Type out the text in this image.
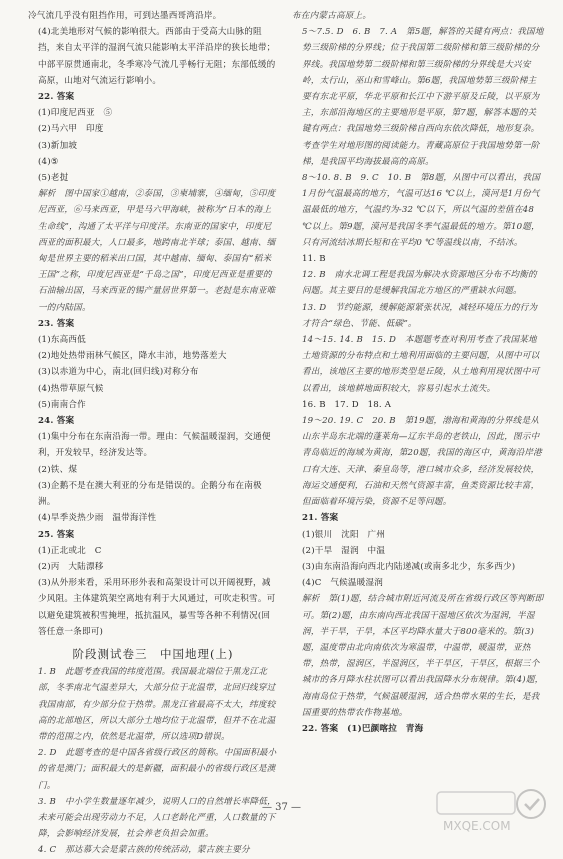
冷气流几乎没有阻挡作用，可到达墨西哥湾沿岸。

(4)北美地形对气候的影响很大。西部由于受高大山脉的阻挡，来自太平洋的湿润气流只能影响太平洋沿岸的狭长地带；中部平原贯通南北，冬季寒冷气流几乎畅行无阻；东部低缓的高原，山地对气流运行影响小。

22. 答案

(1)印度尼西亚　⑤

(2)马六甲　印度

(3)新加坡

(4)⑤

(5)老挝

解析　图中国家①越南，②泰国，③柬埔寨，④缅甸，⑤印度尼西亚，⑥马来西亚，甲是马六甲海峡，被称为“日本的海上生命线”，沟通了太平洋与印度洋。东南亚的国家中，印度尼西亚的面积最大，人口最多，地跨南北半球；泰国、越南、缅甸是世界主要的稻米出口国，其中越南、缅甸、泰国有“稻米王国”之称，印度尼西亚是“千岛之国”，印度尼西亚是重要的石油输出国，马来西亚的锡产量居世界第一。老挝是东南亚唯一的内陆国。

23. 答案

(1)东高西低

(2)地处热带雨林气候区，降水丰沛，地势落差大

(3)以赤道为中心，南北(回归线)对称分布

(4)热带草原气候

(5)南南合作

24. 答案

(1)集中分布在东南沿海一带。理由：气候温暖湿润，交通便利，开发较早，经济发达等。

(2)铁、煤

(3)企鹅不是在澳大利亚的分布是错误的。企鹅分布在南极洲。

(4)旱季炎热少雨　温带海洋性

25. 答案

(1)正北或北　C

(2)丙　大陆漂移

(3)从外形来看，采用环形外表和高架设计可以开阔视野，减少风阻。主体建筑架空离地有利于大风通过，可吹走积雪。可以避免建筑被积雪掩埋，抵抗温风，暴雪等各种不利情况(回答任意一条即可)

阶段测试卷三　中国地理(上)

1. B　此题考查我国的纬度范围。我国最北端位于黑龙江北部，冬季南北气温差异大，大部分位于北温带，北回归线穿过我国南部，有少部分位于热带。黑龙江省最高不太大，纬度较高的北部地区，所以大部分土地均位于北温带，但并不在北温带的范围之内，依然是北温带，所以选项D错误。

2. D　此题考查的是中国各省级行政区的简称。中国面积最小的省是澳门；面积最大的是新疆，面积最小的省级行政区是澳门。

3. B　中小学生数量逐年减少，说明人口的自然增长率降低，未来可能会出现劳动力不足，人口老龄化严重，人口数量的下降，会影响经济发展，社会养老负担会加重。

4. C　那达慕大会是蒙古族的传统活动，蒙古族主要分

布在内蒙古高原上。

5～7.5. D　6. B　7. A　第5题，解答的关键有两点：我国地势三级阶梯的分界线；位于我国第二级阶梯和第三级阶梯的分界线。我国地势第二级阶梯和第三级阶梯的分界线是大兴安岭，太行山，巫山和雪峰山。第6题，我国地势第三级阶梯主要有东北平原，华北平原和长江中下游平原及丘陵，以平原为主，东部沿海地区的主要地形是平原，第7题，解答本题的关键有两点：我国地势三级阶梯自西向东依次降低，地形复杂。考查学生对地形图的阅读能力。青藏高原位于我国地势第一阶梯，是我国平均海拔最高的高原。

8～10. 8. B　9. C　10. B　第8题，从图中可以看出，我国1月份气温最高的地方，气温可达16 ℃以上，漠河是1月份气温最低的地方，气温约为-32 ℃以下，所以气温的差值在48 ℃以上。第9题，漠河是我国冬季气温最低的地方。第10题，只有河流结冰期长短和在平均0 ℃等温线以南，不结冰。

11. B

12. B　南水北调工程是我国为解决水资源地区分布不均衡的问题。其主要目的是缓解我国北方地区的严重缺水问题。

13. D　节约能源，缓解能源紧张状况，减轻环境压力的行为才符合“绿色、节能、低碳”。

14～15. 14. B　15. D　本题题考查对利用考查了我国某地土地资源的分布特点和土地利用面临的主要问题，从图中可以看出，该地区主要的地形类型是丘陵，从土地利用现状图中可以看出，该地耕地面积较大，容易引起水土流失。

16. B　17. D　18. A

19～20. 19. C　20. B　第19题，渤海和黄海的分界线是从山东半岛东北端的蓬莱角—辽东半岛的老铁山，因此，图示中青岛临近的海域为黄海，第20题，我国的海区中，黄海沿岸港口有大连、天津、秦皇岛等，港口城市众多，经济发展较快，海运交通便利，石油和天然气资源丰富，鱼类资源比较丰富，但面临着环境污染，资源不足等问题。

21. 答案

(1)银川　沈阳　广州

(2)干旱　湿润　中温

(3)由东南沿海向西北内陆递减(或南多北少，东多西少)

(4)C　气候温暖湿润

解析　第(1)题，结合城市附近河流及所在省级行政区等判断即可。第(2)题，由东南向西北我国干湿地区依次为湿润，半湿润，半干旱，干旱，本区平均降水量大于800毫米的。第(3)题，温度带由北向南依次为寒温带，中温带，暖温带，亚热带，热带，湿润区，半湿润区，半干旱区，干旱区，根据三个城市的各月降水柱状图可以看出我国降水分布规律。第(4)题，海南岛位于热带，气候温暖湿润，适合热带水果的生长，是我国重要的热带农作物基地。

22. 答案　(1)巴颜喀拉　青海

— 37 —
MXQE.COM
